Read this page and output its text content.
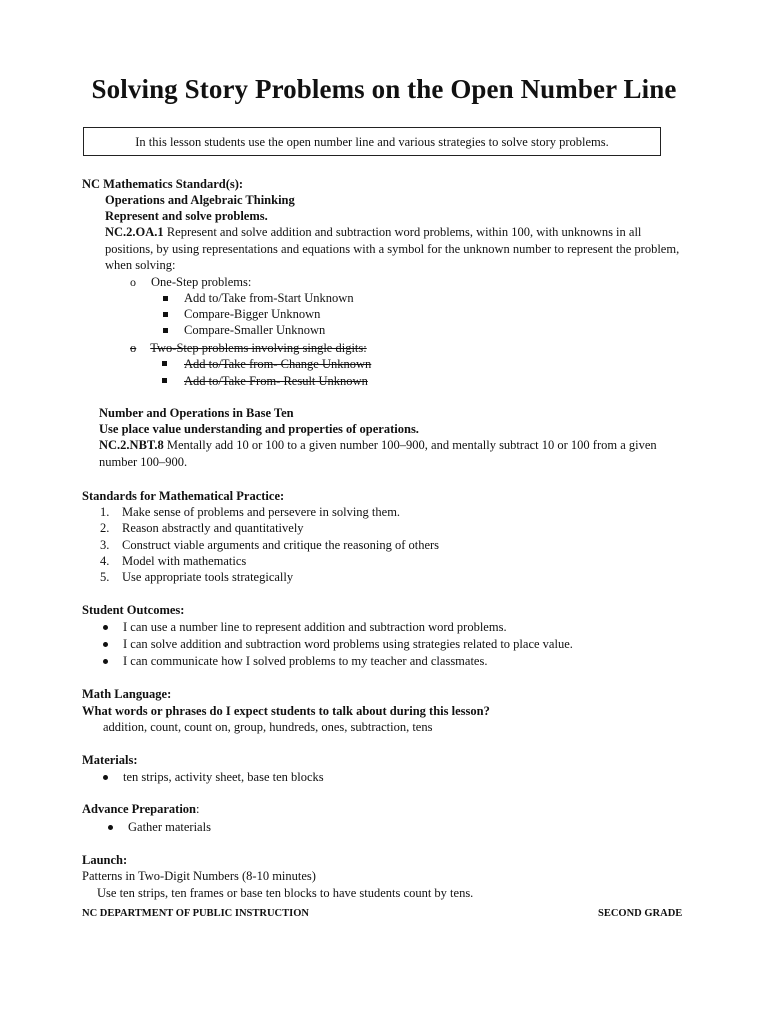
Solving Story Problems on the Open Number Line
In this lesson students use the open number line and various strategies to solve story problems.
NC Mathematics Standard(s):
Operations and Algebraic Thinking
Represent and solve problems.
NC.2.OA.1 Represent and solve addition and subtraction word problems, within 100, with unknowns in all positions, by using representations and equations with a symbol for the unknown number to represent the problem, when solving:
o One-Step problems:
Add to/Take from-Start Unknown
Compare-Bigger Unknown
Compare-Smaller Unknown
o Two-Step problems involving single digits:
Add to/Take from- Change Unknown
Add to/Take From- Result Unknown
Number and Operations in Base Ten
Use place value understanding and properties of operations.
NC.2.NBT.8 Mentally add 10 or 100 to a given number 100–900, and mentally subtract 10 or 100 from a given number 100–900.
Standards for Mathematical Practice:
1. Make sense of problems and persevere in solving them.
2. Reason abstractly and quantitatively
3. Construct viable arguments and critique the reasoning of others
4. Model with mathematics
5. Use appropriate tools strategically
Student Outcomes:
I can use a number line to represent addition and subtraction word problems.
I can solve addition and subtraction word problems using strategies related to place value.
I can communicate how I solved problems to my teacher and classmates.
Math Language:
What words or phrases do I expect students to talk about during this lesson?
addition, count, count on, group, hundreds, ones, subtraction, tens
Materials:
ten strips, activity sheet, base ten blocks
Advance Preparation:
Gather materials
Launch:
Patterns in Two-Digit Numbers (8-10 minutes)
Use ten strips, ten frames or base ten blocks to have students count by tens.
NC DEPARTMENT OF PUBLIC INSTRUCTION	SECOND GRADE
